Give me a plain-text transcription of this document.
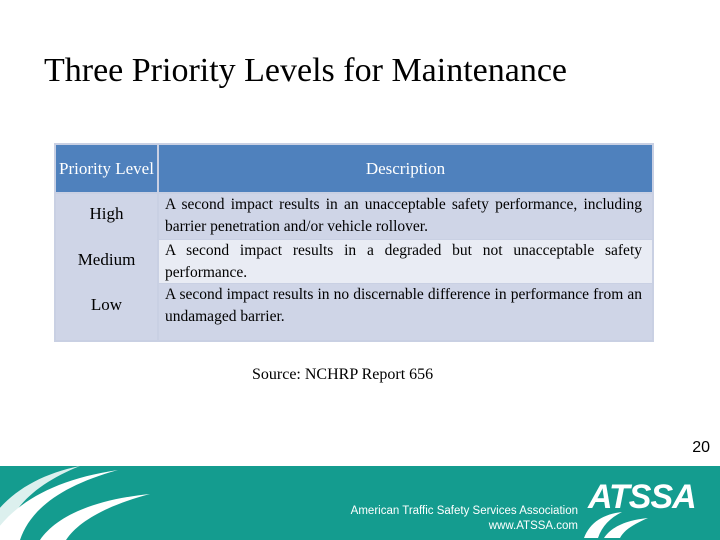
Three Priority Levels for Maintenance
Priority Level	Description
High
Medium
Low
A second impact results in an unacceptable safety performance, including barrier penetration and/or vehicle rollover.
A second impact results in a degraded but not unacceptable safety performance.
A second impact results in no discernable difference in performance from an undamaged barrier.
Source: NCHRP Report 656
20
American Traffic Safety Services Association
www.ATSSA.com
ATSSA
